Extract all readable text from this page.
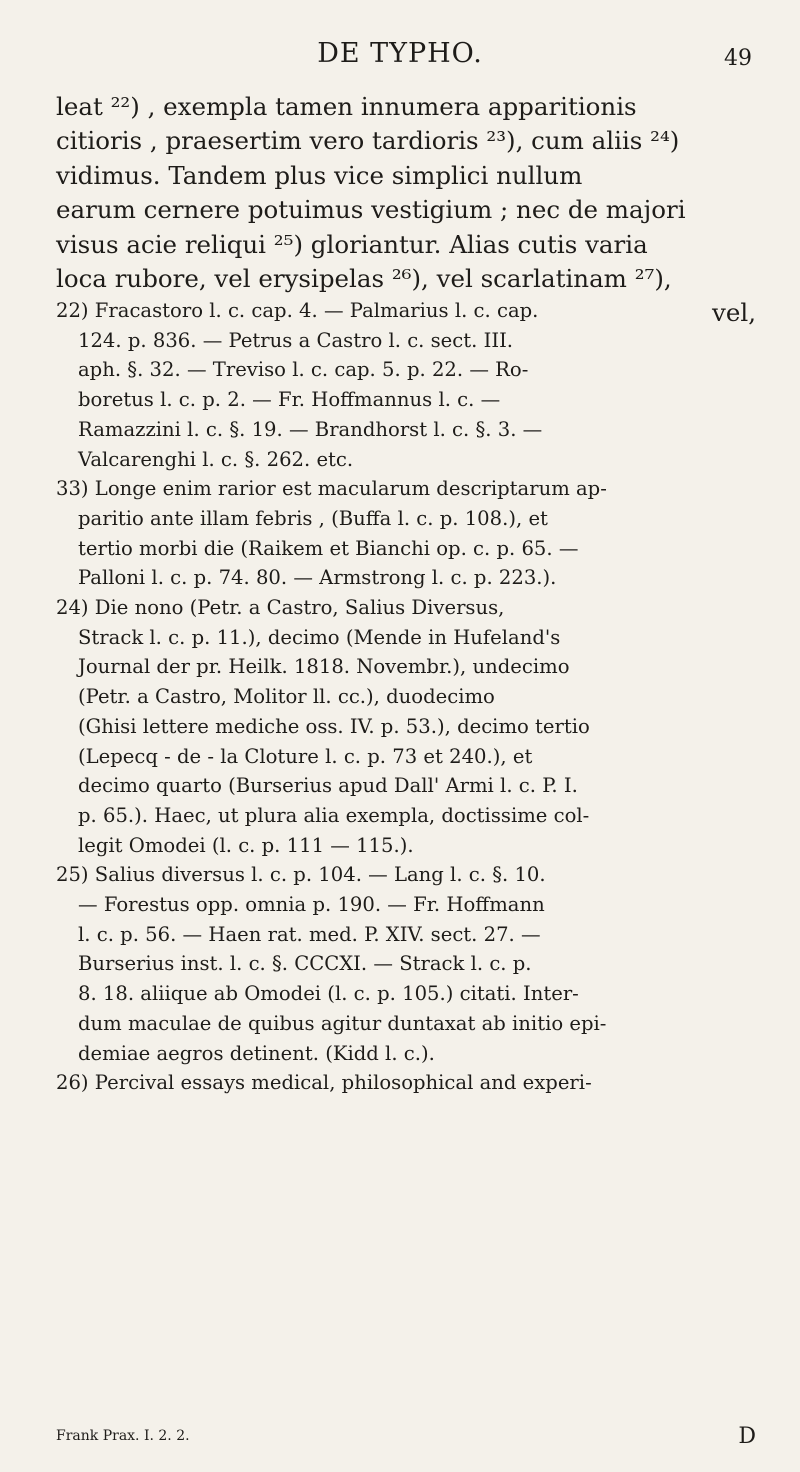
DE TYPHO.	49
leat ²²) , exempla tamen innumera apparitionis
citioris , praesertim vero tardioris ²³), cum aliis ²⁴)
vidimus. Tandem plus vice simplici nullum
earum cernere potuimus vestigium ; nec de majori
visus acie reliqui ²⁵) gloriantur. Alias cutis varia
loca rubore, vel erysipelas ²⁶), vel scarlatinam ²⁷),
vel,
22) Fracastoro l. c. cap. 4. — Palmarius l. c. cap.
124. p. 836. — Petrus a Castro l. c. sect. III.
aph. §. 32. — Treviso l. c. cap. 5. p. 22. — Ro-
boretus l. c. p. 2. — Fr. Hoffmannus l. c. —
Ramazzini l. c. §. 19. — Brandhorst l. c. §. 3. —
Valcarenghi l. c. §. 262. etc.
33) Longe enim rarior est macularum descriptarum ap-
paritio ante illam febris , (Buffa l. c. p. 108.), et
tertio morbi die (Raikem et Bianchi op. c. p. 65. —
Palloni l. c. p. 74. 80. — Armstrong l. c. p. 223.).
24) Die nono (Petr. a Castro, Salius Diversus,
Strack l. c. p. 11.), decimo (Mende in Hufeland's
Journal der pr. Heilk. 1818. Novembr.), undecimo
(Petr. a Castro, Molitor ll. cc.), duodecimo
(Ghisi lettere mediche oss. IV. p. 53.), decimo tertio
(Lepecq - de - la Cloture l. c. p. 73 et 240.), et
decimo quarto (Burserius apud Dall' Armi l. c. P. I.
p. 65.). Haec, ut plura alia exempla, doctissime col-
legit Omodei (l. c. p. 111 — 115.).
25) Salius diversus l. c. p. 104. — Lang l. c. §. 10.
— Forestus opp. omnia p. 190. — Fr. Hoffmann
l. c. p. 56. — Haen rat. med. P. XIV. sect. 27. —
Burserius inst. l. c. §. CCCXI. — Strack l. c. p.
8. 18. aliique ab Omodei (l. c. p. 105.) citati. Inter-
dum maculae de quibus agitur duntaxat ab initio epi-
demiae aegros detinent. (Kidd l. c.).
26) Percival essays medical, philosophical and experi-
Frank Prax. I. 2. 2.	D
